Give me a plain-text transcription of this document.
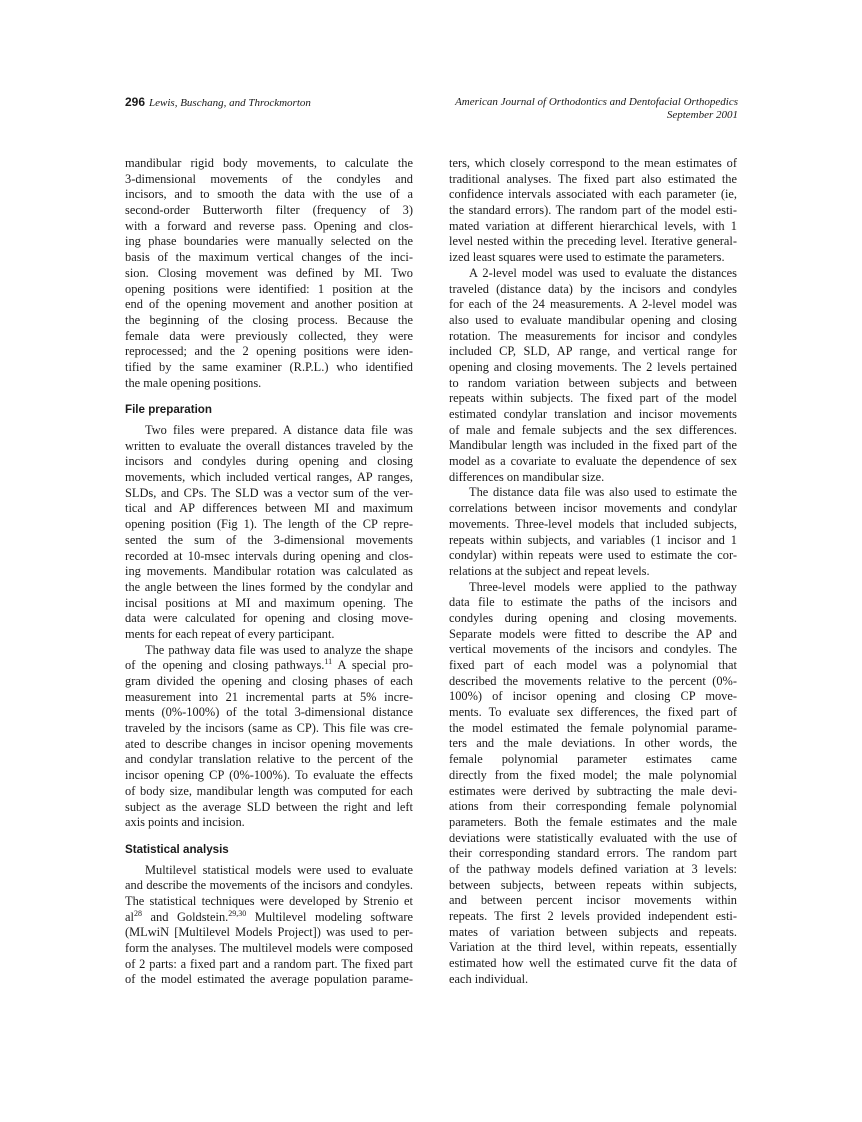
296 Lewis, Buschang, and Throckmorton	American Journal of Orthodontics and Dentofacial Orthopedics
September 2001
mandibular rigid body movements, to calculate the
3-dimensional movements of the condyles and
incisors, and to smooth the data with the use of a
second-order Butterworth filter (frequency of 3)
with a forward and reverse pass. Opening and clos-
ing phase boundaries were manually selected on the
basis of the maximum vertical changes of the inci-
sion. Closing movement was defined by MI. Two
opening positions were identified: 1 position at the
end of the opening movement and another position at
the beginning of the closing process. Because the
female data were previously collected, they were
reprocessed; and the 2 opening positions were iden-
tified by the same examiner (R.P.L.) who identified
the male opening positions.
File preparation
Two files were prepared. A distance data file was
written to evaluate the overall distances traveled by the
incisors and condyles during opening and closing
movements, which included vertical ranges, AP ranges,
SLDs, and CPs. The SLD was a vector sum of the ver-
tical and AP differences between MI and maximum
opening position (Fig 1). The length of the CP repre-
sented the sum of the 3-dimensional movements
recorded at 10-msec intervals during opening and clos-
ing movements. Mandibular rotation was calculated as
the angle between the lines formed by the condylar and
incisal positions at MI and maximum opening. The
data were calculated for opening and closing move-
ments for each repeat of every participant.
The pathway data file was used to analyze the shape
of the opening and closing pathways.$^{11}$ A special pro-
gram divided the opening and closing phases of each
measurement into 21 incremental parts at 5% incre-
ments (0%-100%) of the total 3-dimensional distance
traveled by the incisors (same as CP). This file was cre-
ated to describe changes in incisor opening movements
and condylar translation relative to the percent of the
incisor opening CP (0%-100%). To evaluate the effects
of body size, mandibular length was computed for each
subject as the average SLD between the right and left
axis points and incision.
Statistical analysis
Multilevel statistical models were used to evaluate
and describe the movements of the incisors and condyles.
The statistical techniques were developed by Strenio et
$al^{28}$ and Goldstein.$^{29,30}$ Multilevel modeling software
(MLwiN [Multilevel Models Project]) was used to per-
form the analyses. The multilevel models were composed
of 2 parts: a fixed part and a random part. The fixed part
of the model estimated the average population parame-
ters, which closely correspond to the mean estimates of
traditional analyses. The fixed part also estimated the
confidence intervals associated with each parameter (ie,
the standard errors). The random part of the model esti-
mated variation at different hierarchical levels, with 1
level nested within the preceding level. Iterative general-
ized least squares were used to estimate the parameters.
A 2-level model was used to evaluate the distances
traveled (distance data) by the incisors and condyles
for each of the 24 measurements. A 2-level model was
also used to evaluate mandibular opening and closing
rotation. The measurements for incisor and condyles
included CP, SLD, AP range, and vertical range for
opening and closing movements. The 2 levels pertained
to random variation between subjects and between
repeats within subjects. The fixed part of the model
estimated condylar translation and incisor movements
of male and female subjects and the sex differences.
Mandibular length was included in the fixed part of the
model as a covariate to evaluate the dependence of sex
differences on mandibular size.
The distance data file was also used to estimate the
correlations between incisor movements and condylar
movements. Three-level models that included subjects,
repeats within subjects, and variables (1 incisor and 1
condylar) within repeats were used to estimate the cor-
relations at the subject and repeat levels.
Three-level models were applied to the pathway
data file to estimate the paths of the incisors and
condyles during opening and closing movements.
Separate models were fitted to describe the AP and
vertical movements of the incisors and condyles. The
fixed part of each model was a polynomial that
described the movements relative to the percent (0%-
100%) of incisor opening and closing CP move-
ments. To evaluate sex differences, the fixed part of
the model estimated the female polynomial parame-
ters and the male deviations. In other words, the
female polynomial parameter estimates came
directly from the fixed model; the male polynomial
estimates were derived by subtracting the male devi-
ations from their corresponding female polynomial
parameters. Both the female estimates and the male
deviations were statistically evaluated with the use of
their corresponding standard errors. The random part
of the pathway models defined variation at 3 levels:
between subjects, between repeats within subjects,
and between percent incisor movements within
repeats. The first 2 levels provided independent esti-
mates of variation between subjects and repeats.
Variation at the third level, within repeats, essentially
estimated how well the estimated curve fit the data of
each individual.
